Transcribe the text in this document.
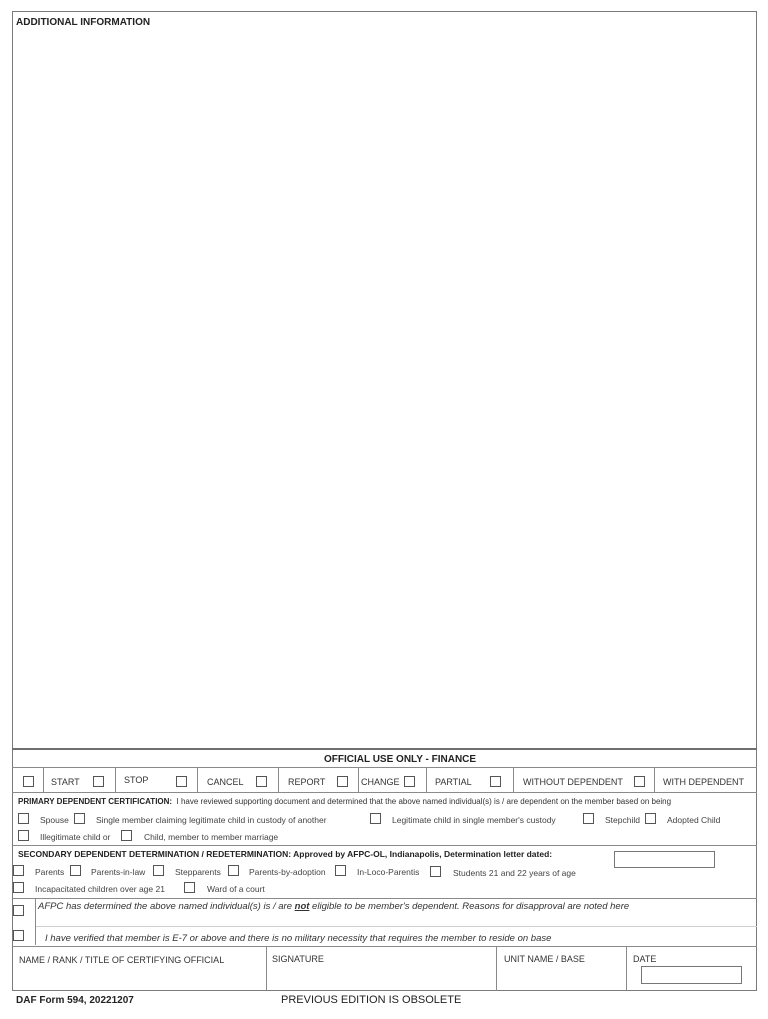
ADDITIONAL INFORMATION
OFFICIAL USE ONLY - FINANCE
START	STOP	CANCEL	REPORT	CHANGE	PARTIAL	WITHOUT DEPENDENT	WITH DEPENDENT
PRIMARY DEPENDENT CERTIFICATION: I have reviewed supporting document and determined that the above named individual(s) is / are dependent on the member based on being
Spouse	Single member claiming legitimate child in custody of another	Legitimate child in single member's custody	Stepchild	Adopted Child
Illegitimate child or	Child, member to member marriage
SECONDARY DEPENDENT DETERMINATION / REDETERMINATION: Approved by AFPC-OL, Indianapolis, Determination letter dated:
Parents	Parents-in-law	Stepparents	Parents-by-adoption	In-Loco-Parentis	Students 21 and 22 years of age
Incapacitated children over age 21	Ward of a court
AFPC has determined the above named individual(s) is / are not eligible to be member's dependent. Reasons for disapproval are noted here
I have verified that member is E-7 or above and there is no military necessity that requires the member to reside on base
NAME / RANK / TITLE OF CERTIFYING OFFICIAL	SIGNATURE	UNIT NAME / BASE	DATE
DAF Form 594, 20221207	PREVIOUS EDITION IS OBSOLETE
